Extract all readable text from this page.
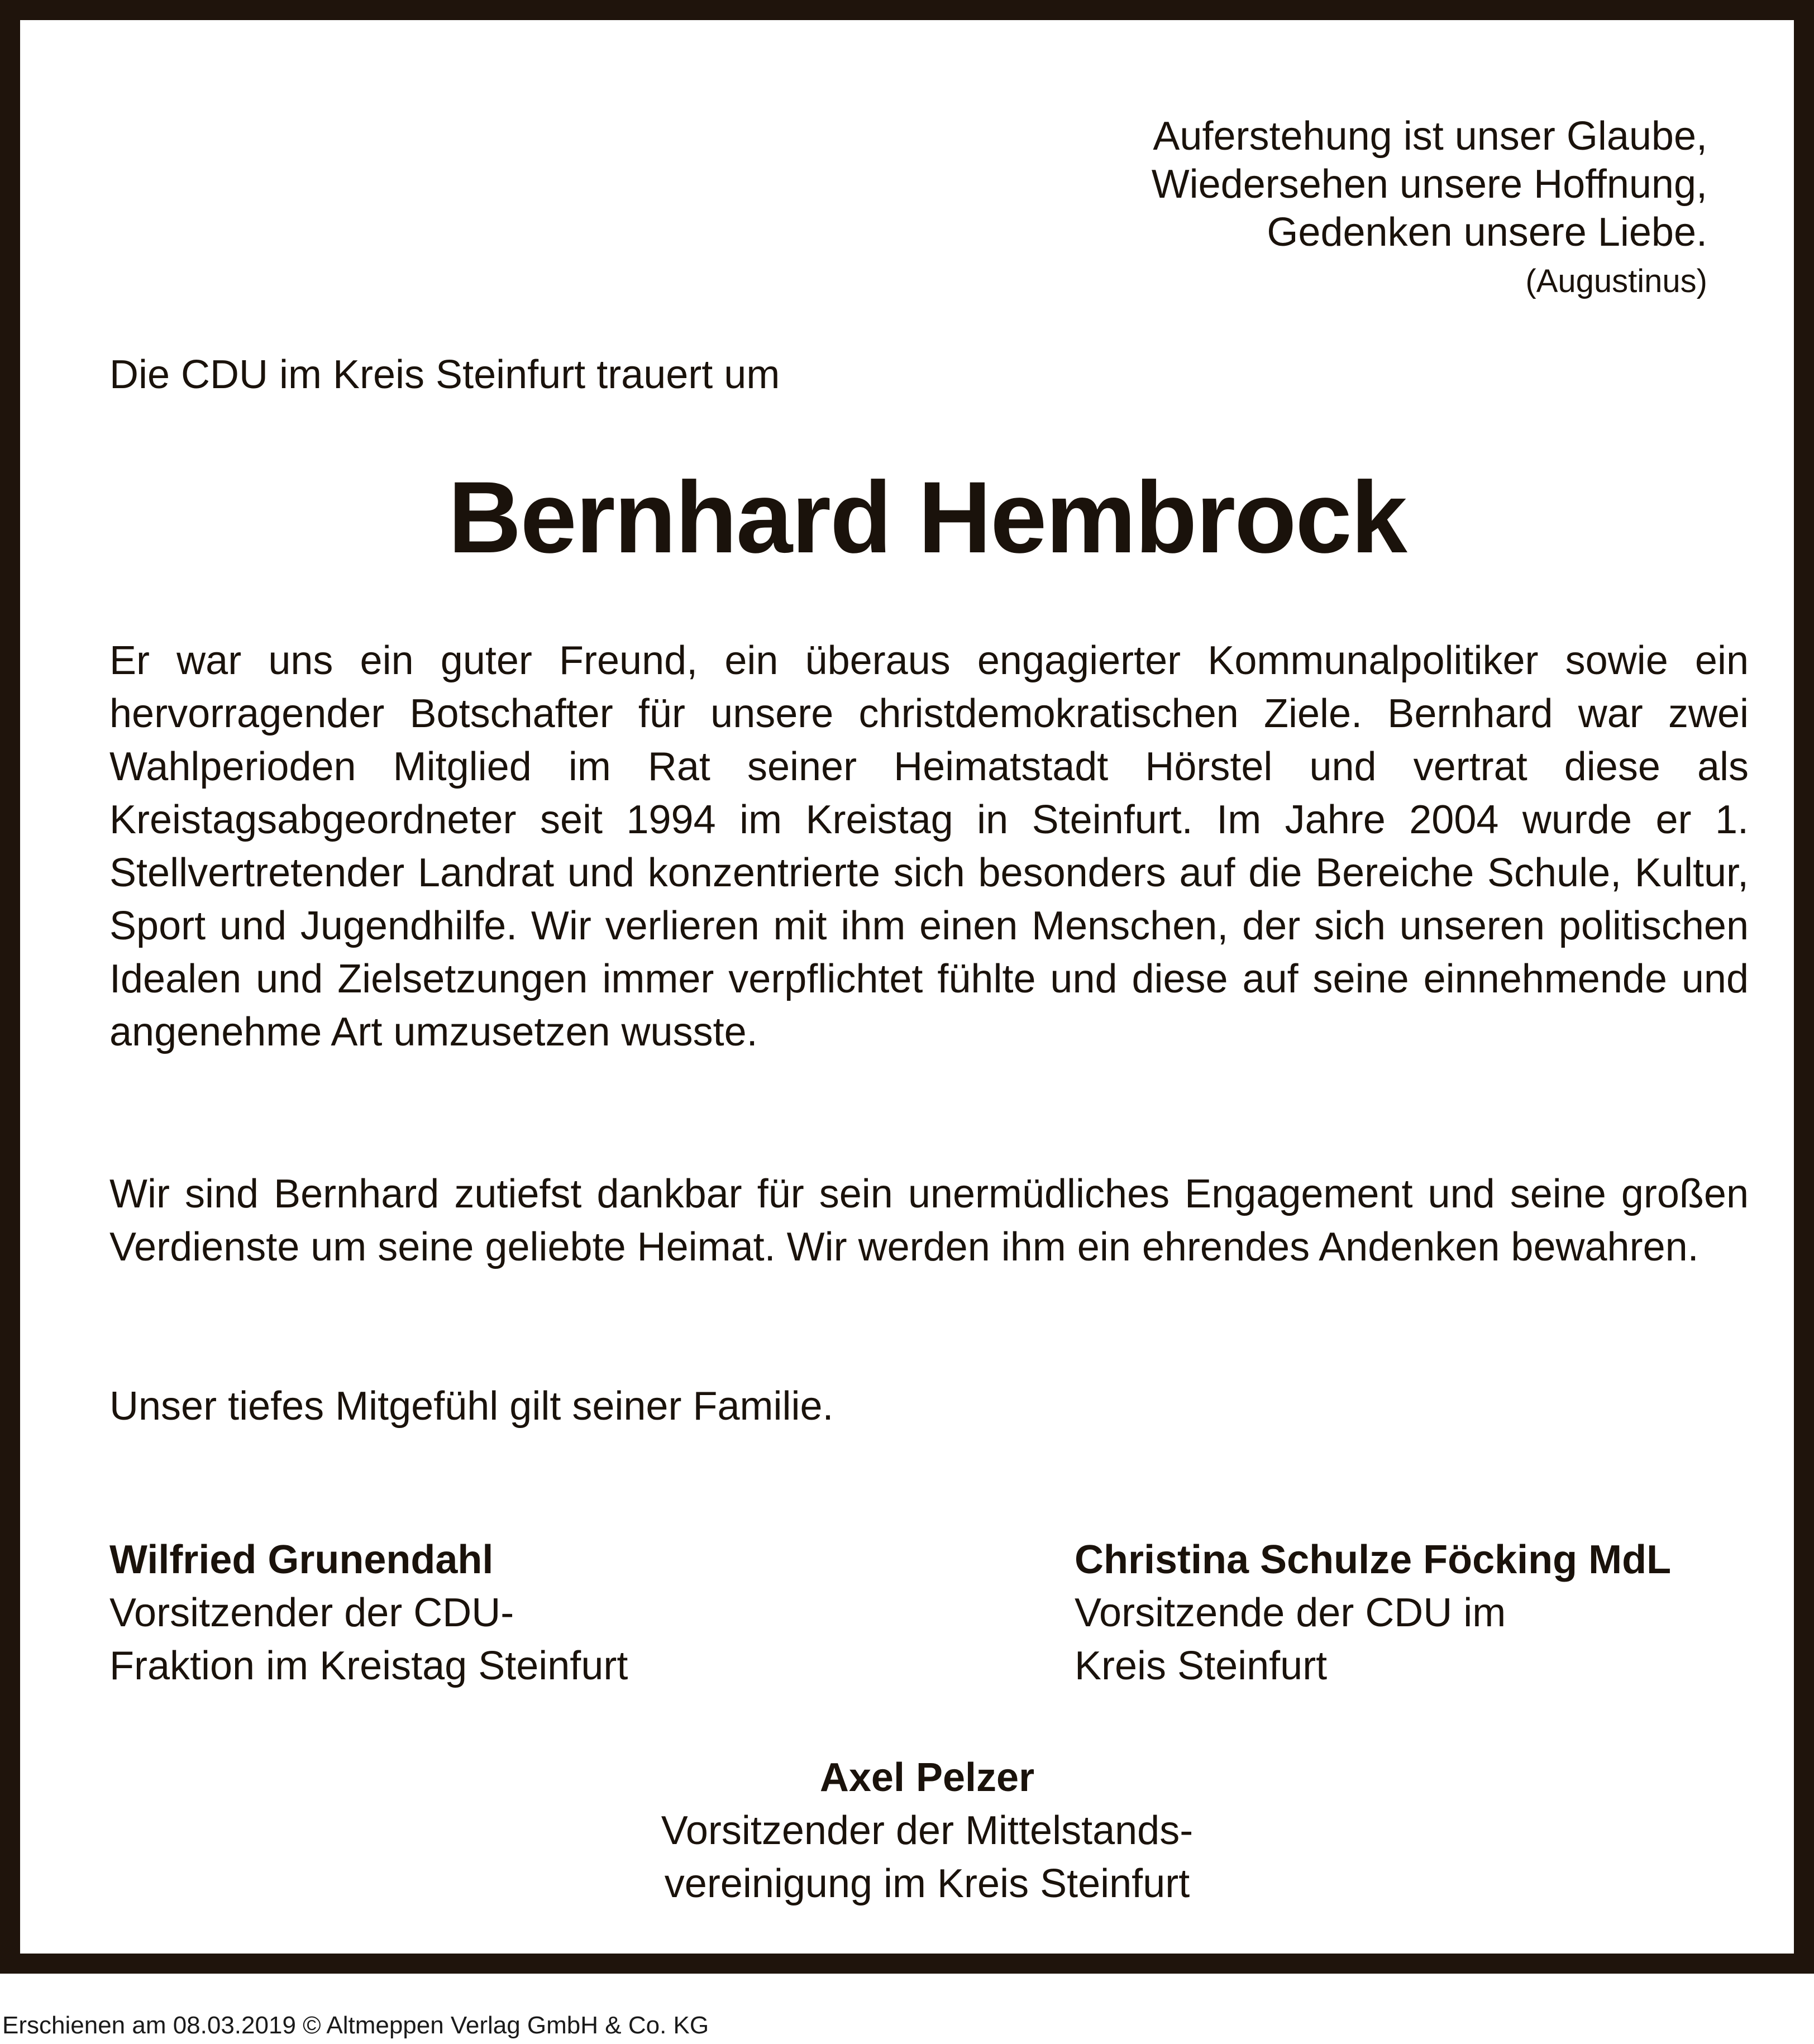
Auferstehung ist unser Glaube,
Wiedersehen unsere Hoffnung,
Gedenken unsere Liebe.
(Augustinus)
Die CDU im Kreis Steinfurt trauert um
Bernhard Hembrock
Er war uns ein guter Freund, ein überaus engagierter Kommunalpolitiker sowie ein hervorragender Botschafter für unsere christdemokratischen Ziele. Bernhard war zwei Wahlperioden Mitglied im Rat seiner Heimatstadt Hörstel und vertrat diese als Kreistagsabgeordneter seit 1994 im Kreistag in Steinfurt. Im Jahre 2004 wurde er 1. Stellvertretender Landrat und konzentrierte sich besonders auf die Bereiche Schule, Kultur, Sport und Jugendhilfe. Wir verlieren mit ihm einen Menschen, der sich unseren politischen Idealen und Zielsetzungen immer verpflichtet fühlte und diese auf seine einnehmende und angenehme Art umzusetzen wusste.
Wir sind Bernhard zutiefst dankbar für sein unermüdliches Engagement und seine großen Verdienste um seine geliebte Heimat. Wir werden ihm ein ehrendes Andenken bewahren.
Unser tiefes Mitgefühl gilt seiner Familie.
Wilfried Grunendahl
Vorsitzender der CDU-
Fraktion im Kreistag Steinfurt
Christina Schulze Föcking MdL
Vorsitzende der CDU im
Kreis Steinfurt
Axel Pelzer
Vorsitzender der Mittelstands-
vereinigung im Kreis Steinfurt
Erschienen am 08.03.2019 © Altmeppen Verlag GmbH & Co. KG
